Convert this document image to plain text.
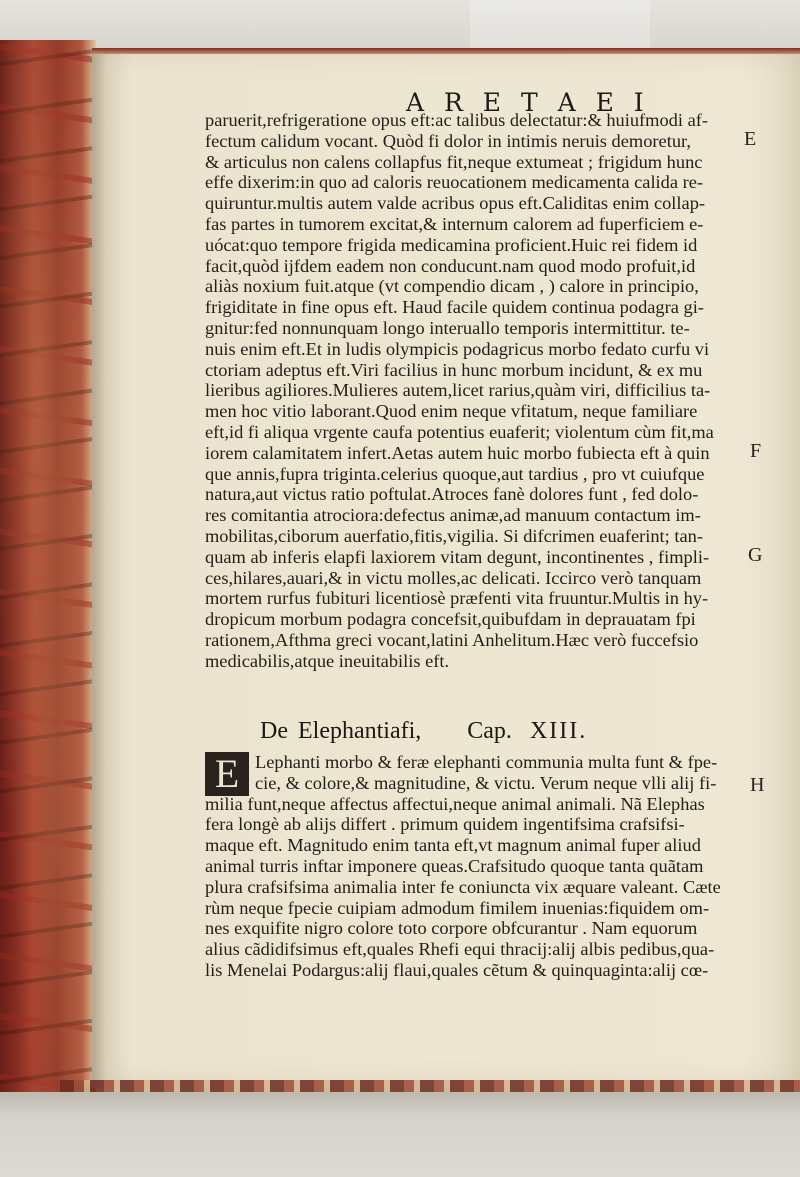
A R E T A E I
paruerit,refrigeratione opus eft:ac talibus delectatur:& huiufmodi af-
fectum calidum vocant. Quòd fi dolor in intimis neruis demoretur,
& articulus non calens collapfus fit,neque extumeat ; frigidum hunc
effe dixerim:in quo ad caloris reuocationem medicamenta calida re-
quiruntur.multis autem valde acribus opus eft.Caliditas enim collap-
fas partes in tumorem excitat,& internum calorem ad fuperficiem e-
uócat:quo tempore frigida medicamina proficient.Huic rei fidem id
facit,quòd ijfdem eadem non conducunt.nam quod modo profuit,id
aliàs noxium fuit.atque (vt compendio dicam , ) calore in principio,
frigiditate in fine opus eft. Haud facile quidem continua podagra gi-
gnitur:fed nonnunquam longo interuallo temporis intermittitur. te-
nuis enim eft.Et in ludis olympicis podagricus morbo fedato curfu vi
ctoriam adeptus eft.Viri facilius in hunc morbum incidunt, & ex mu
lieribus agiliores.Mulieres autem,licet rarius,quàm viri, difficilius ta-
men hoc vitio laborant.Quod enim neque vfitatum, neque familiare
eft,id fi aliqua vrgente caufa potentius euaferit; violentum cùm fit,ma
iorem calamitatem infert.Aetas autem huic morbo fubiecta eft à quin
que annis,fupra triginta.celerius quoque,aut tardius , pro vt cuiufque
natura,aut victus ratio poftulat.Atroces fanè dolores funt , fed dolo-
res comitantia atrociora:defectus animæ,ad manuum contactum im-
mobilitas,ciborum auerfatio,fitis,vigilia. Si difcrimen euaferint; tan-
quam ab inferis elapfi laxiorem vitam degunt, incontinentes , fimpli-
ces,hilares,auari,& in victu molles,ac delicati. Iccirco verò tanquam
mortem rurfus fubituri licentiosè præfenti vita fruuntur.Multis in hy-
dropicum morbum podagra concefsit,quibufdam in deprauatam fpi
rationem,Afthma greci vocant,latini Anhelitum.Hæc verò fuccefsio
medicabilis,atque ineuitabilis eft.
De Elephantiafi, Cap. XIII.
E Lephanti morbo & feræ elephanti communia multa funt & fpe-
cie, & colore,& magnitudine, & victu. Verum neque vlli alij fi-
milia funt,neque affectus affectui,neque animal animali. Nã Elephas
fera longè ab alijs differt . primum quidem ingentifsima crafsifsi-
maque eft. Magnitudo enim tanta eft,vt magnum animal fuper aliud
animal turris inftar imponere queas.Crafsitudo quoque tanta quãtam
plura crafsifsima animalia inter fe coniuncta vix æquare valeant. Cæte
rùm neque fpecie cuipiam admodum fimilem inuenias:fiquidem om-
nes exquifite nigro colore toto corpore obfcurantur . Nam equorum
alius cãdidifsimus eft,quales Rhefi equi thracij:alij albis pedibus,qua-
lis Menelai Podargus:alij flaui,quales cẽtum & quinquaginta:alij cœ-
E
F
G
H
